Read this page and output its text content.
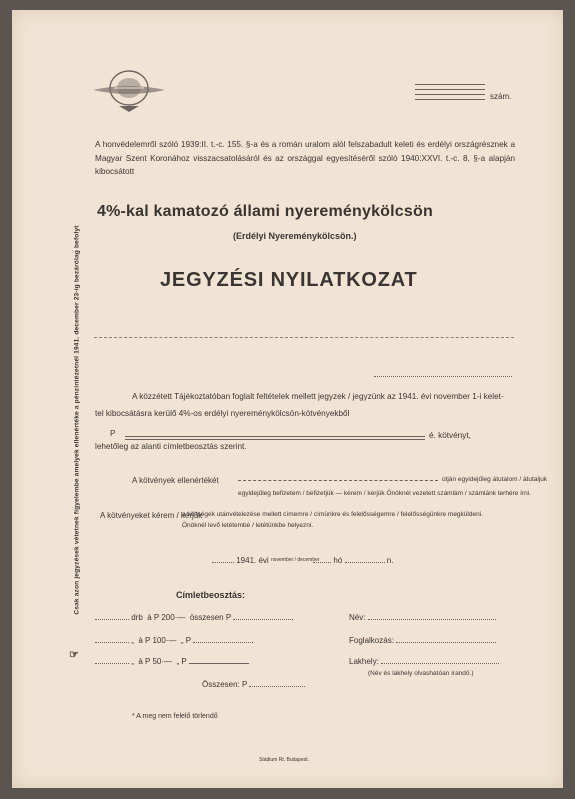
szám.
A honvédelemről szóló 1939:II. t.-c. 155. §-a és a román uralom alól felszabadult keleti és erdélyi országrésznek a Magyar Szent Koronához visszacsatolásáról és az országgal egyesítéséről szóló 1940:XXVI. t.-c. 8. §-a alapján kibocsátott
4%-kal kamatozó állami nyereménykölcsön
(Erdélyi Nyereménykölcsön.)
JEGYZÉSI NYILATKOZAT
A közzétett Tájékoztatóban foglalt feltételek mellett jegyzek / jegyzünk az 1941. évi november 1-i kelet-
tel kibocsátásra kerülő 4%-os erdélyi nyereménykölcsön-kötvényekből
P	é. kötvényt,
lehetőleg az alanti címletbeosztás szerint.
A kötvények ellenértékét	útján egyidejűleg átutalom / átutaljuk
egyidejűleg befizetem / befizetjük — kérem / kérjük Önöknél vezetett számlám / számlánk terhére írni.
A kötvényeket kérem / kérjük
a költségek utánvételezése mellett címemre / címünkre és felelősségemre / felelősségünkre megküldeni.
Önöknél levő letétembe / letétünkbe helyezni.
1941. évi november / december hó	n.
Címletbeosztás:
drb à P 200·— összesen P
„ à P 100·— „ P
„ à P 50·— „ P
Összesen: P
Név:
Foglalkozás:
Lakhely:
(Név és lakhely olvashatóan írandó.)
Csak azon jegyzések vétetnek figyelembe amelyek ellenértéke a pénzintézetnél 1941. december 23-ig bezárólag befolyt
☞
* A meg nem felelő törlendő
Stádium Rt. Budapest.
